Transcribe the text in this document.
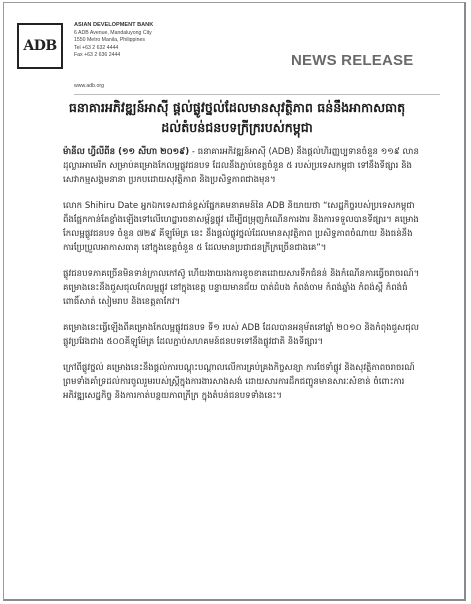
ADB
ASIAN DEVELOPMENT BANK
6 ADB Avenue, Mandaluyong City
1550 Metro Manila, Philippines
Tel +63 2 632 4444
Fax +63 2 636 2444
www.adb.org
NEWS RELEASE
ធនាគារអភិវឌ្ឍន៍អាស៊ី ផ្ដល់ផ្លូវថ្នល់ដែលមានសុវត្ថិភាព ធន់នឹងអាកាសធាតុ ដល់តំបន់ជនបទក្រីក្ររបស់កម្ពុជា

ម៉ានីល ហ្វីលីពីន (១១ សីហា ២០១៩) - ធនាគារអភិវឌ្ឍន៍អាស៊ី (ADB) នឹងផ្ដល់ហិរញ្ញប្បទានចំនួន ១១៩ លានដុល្លារអាមេរិក សម្រាប់គម្រោងកែលម្អផ្លូវជនបទ ដែលនឹងភ្ជាប់ខេត្តចំនួន ៥ របស់ប្រទេសកម្ពុជា ទៅនឹងទីផ្សារ និងសេវាកម្មសង្គមនានា ប្រកបដោយសុវត្ថិភាព និងប្រសិទ្ធភាពជាងមុន។

លោក Shihiru Date អ្នកឯកទេសជាន់ខ្ពស់ផ្នែកគមនាគមន៍នៃ ADB និយាយថា “សេដ្ឋកិច្ចរបស់ប្រទេសកម្ពុជា ពឹងផ្អែកកាន់តែខ្លាំងឡើងទៅលើហេដ្ឋារចនាសម្ព័ន្ធផ្លូវ ដើម្បីជម្រុញកំណើនការងារ និងការទទួលបានទីផ្សារ។ គម្រោងកែលម្អផ្លូវជនបទ ចំនួន ៧២៩ គីឡូម៉ែត្រ នេះ នឹងផ្ដល់ផ្លូវថ្នល់ដែលមានសុវត្ថិភាព ប្រសិទ្ធភាពចំណាយ និងធន់នឹងការប្រែប្រួលអាកាសធាតុ នៅក្នុងខេត្តចំនួន ៥ ដែលមានប្រជាជនក្រីក្រច្រើនជាងគេ”។

ផ្លូវជនបទភាគច្រើនមិនទាន់ក្រាលកៅស៊ូ ហើយងាយរងការខូចខាតដោយសារទឹកជំនន់ និងកំណើនការធ្វើចរាចរណ៍។ គម្រោងនេះនឹងជួសជុលកែលម្អផ្លូវ នៅក្នុងខេត្ត បន្ទាយមានជ័យ បាត់ដំបង កំពង់ចាម កំពង់ឆ្នាំង កំពង់ស្ពឺ កំពង់ធំ ពោធិ៍សាត់ សៀមរាប និងខេត្តតាកែវ។

គម្រោងនេះធ្វើឡើងពីគម្រោងកែលម្អផ្លូវជនបទ ទី១ របស់ ADB ដែលបានអនុម័តនៅឆ្នាំ ២០១០ និងកំពុងជួសជុលផ្លូវប្រវែងជាង ៥០០គីឡូម៉ែត្រ ដែលភ្ជាប់សហគមន៍ជនបទទៅនឹងផ្លូវជាតិ និងទីផ្សារ។

ក្រៅពីផ្លូវថ្នល់ គម្រោងនេះនឹងផ្ដល់ការបណ្ដុះបណ្ដាលលើការគ្រប់គ្រងកិច្ចសន្យា ការថែទាំផ្លូវ និងសុវត្ថិភាពចរាចរណ៍ ព្រមទាំងគាំទ្រដល់ការចូលរួមរបស់ស្ត្រីក្នុងការងារសាងសង់ ដោយសារការដឹកជញ្ជូនមានសារៈសំខាន់ ចំពោះការអភិវឌ្ឍសេដ្ឋកិច្ច និងការកាត់បន្ថយភាពក្រីក្រ ក្នុងតំបន់ជនបទទាំងនេះ។
